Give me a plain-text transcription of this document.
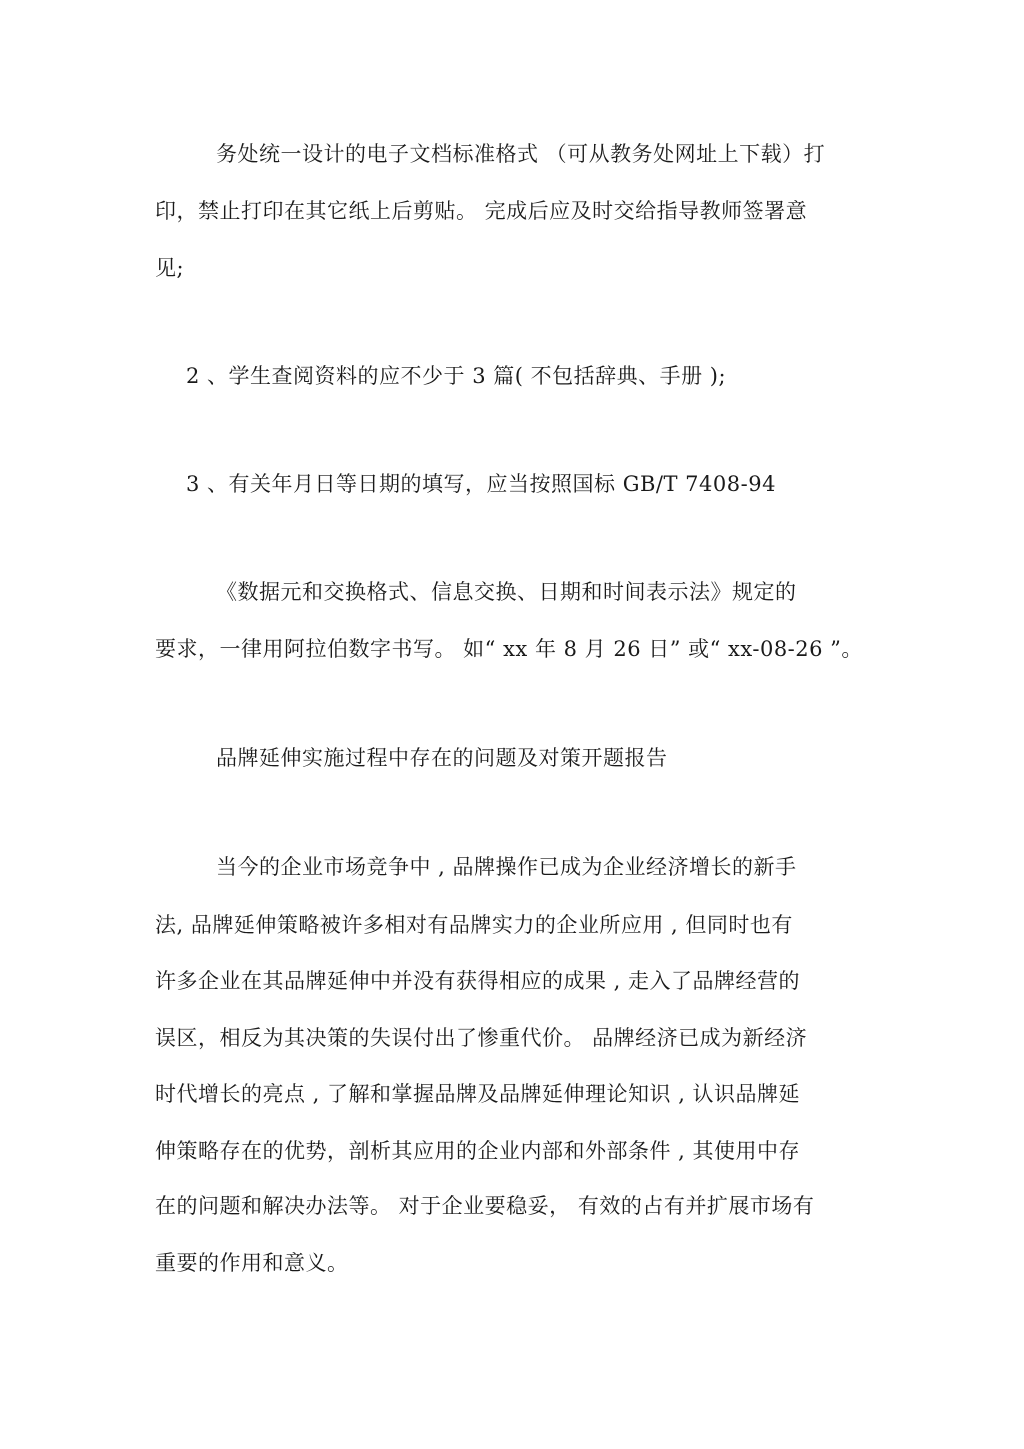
务处统一设计的电子文档标准格式 （可从教务处网址上下载）打
印，禁止打印在其它纸上后剪贴。 完成后应及时交给指导教师签署意
见;
2 、学生查阅资料的应不少于 3 篇( 不包括辞典、手册 );
3 、有关年月日等日期的填写，应当按照国标 GB/T 7408-94
《数据元和交换格式、信息交换、日期和时间表示法》规定的
要求，一律用阿拉伯数字书写。 如“ xx 年 8 月 26 日” 或“ xx-08-26 ”。
品牌延伸实施过程中存在的问题及对策开题报告
当今的企业市场竞争中 , 品牌操作已成为企业经济增长的新手
法, 品牌延伸策略被许多相对有品牌实力的企业所应用 , 但同时也有
许多企业在其品牌延伸中并没有获得相应的成果 , 走入了品牌经营的
误区，相反为其决策的失误付出了惨重代价。 品牌经济已成为新经济
时代增长的亮点 , 了解和掌握品牌及品牌延伸理论知识 , 认识品牌延
伸策略存在的优势，剖析其应用的企业内部和外部条件 , 其使用中存
在的问题和解决办法等。 对于企业要稳妥， 有效的占有并扩展市场有
重要的作用和意义。
